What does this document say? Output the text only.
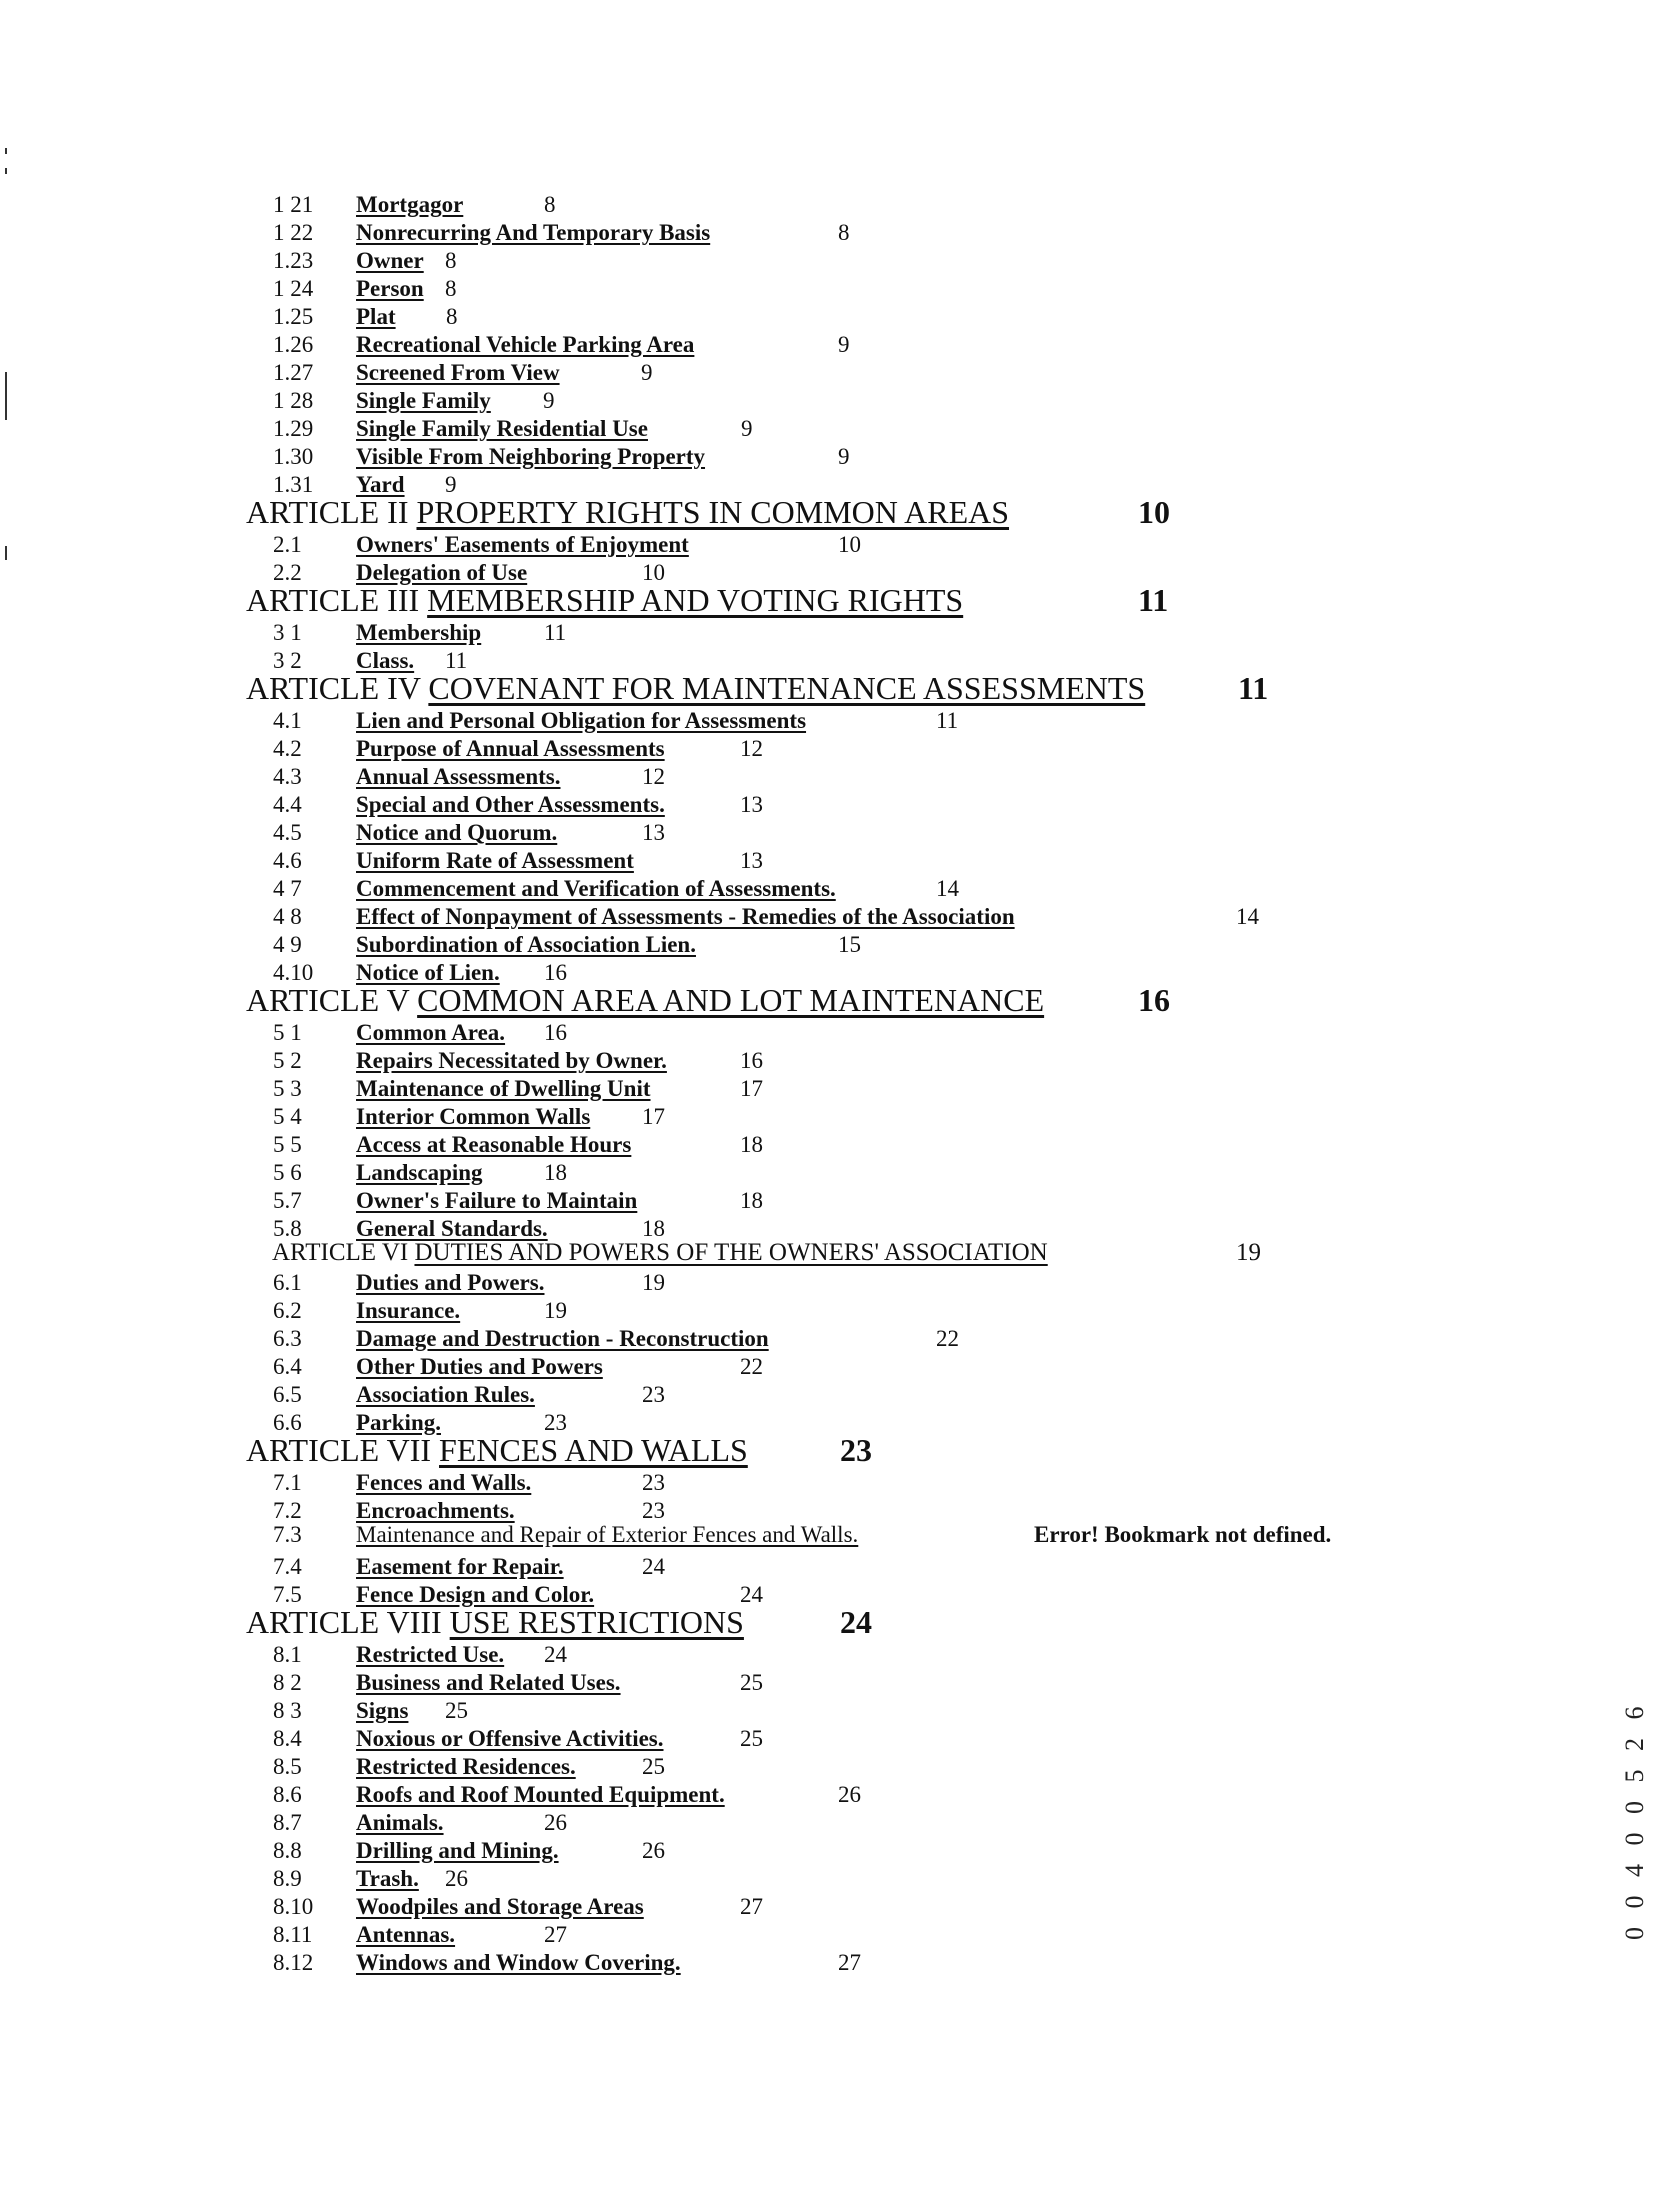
1 21 Mortgagor	8
1 22 Nonrecurring And Temporary Basis	8
1.23 Owner 8
1 24 Person 8
1.25 Plat 8
1.26 Recreational Vehicle Parking Area	9
1.27 Screened From View	9
1 28 Single Family 9
1.29 Single Family Residential Use	9
1.30 Visible From Neighboring Property	9
1.31 Yard 9
2.1 Owners' Easements of Enjoyment	10
2.2 Delegation of Use	10
3 1 Membership	11
3 2 Class. 11
4.1 Lien and Personal Obligation for Assessments	11
4.2 Purpose of Annual Assessments	12
4.3 Annual Assessments.	12
4.4 Special and Other Assessments.	13
4.5 Notice and Quorum.	13
4.6 Uniform Rate of Assessment	13
4 7 Commencement and Verification of Assessments.	14
4 8 Effect of Nonpayment of Assessments - Remedies of the Association	14
4 9 Subordination of Association Lien.	15
4.10 Notice of Lien. 16
5 1 Common Area. 16
5 2 Repairs Necessitated by Owner.	16
5 3 Maintenance of Dwelling Unit	17
5 4 Interior Common Walls 17
5 5 Access at Reasonable Hours	18
5 6 Landscaping	18
5.7 Owner's Failure to Maintain	18
5.8 General Standards.	18
6.1 Duties and Powers.	19
6.2 Insurance.	19
6.3 Damage and Destruction - Reconstruction	22
6.4 Other Duties and Powers	22
6.5 Association Rules.	23
6.6 Parking.	23
7.1 Fences and Walls.	23
7.2 Encroachments.	23
7.4 Easement for Repair.	24
7.5 Fence Design and Color.	24
8.1 Restricted Use. 24
8 2 Business and Related Uses.	25
8 3 Signs 25
8.4 Noxious or Offensive Activities.	25
8.5 Restricted Residences.	25
8.6 Roofs and Roof Mounted Equipment.	26
8.7 Animals.	26
8.8 Drilling and Mining.	26
8.9 Trash. 26
8.10 Woodpiles and Storage Areas	27
8.11 Antennas.	27
8.12 Windows and Window Covering.	27
ARTICLE II PROPERTY RIGHTS IN COMMON AREAS	10
ARTICLE III MEMBERSHIP AND VOTING RIGHTS	11
ARTICLE IV COVENANT FOR MAINTENANCE ASSESSMENTS	11
ARTICLE V COMMON AREA AND LOT MAINTENANCE	16
ARTICLE VII FENCES AND WALLS	23
ARTICLE VIII USE RESTRICTIONS	24
ARTICLE VI DUTIES AND POWERS OF THE OWNERS' ASSOCIATION	19
7.3 Maintenance and Repair of Exterior Fences and Walls.	Error! Bookmark not defined.
0 0 4 0 0 5 2 6
